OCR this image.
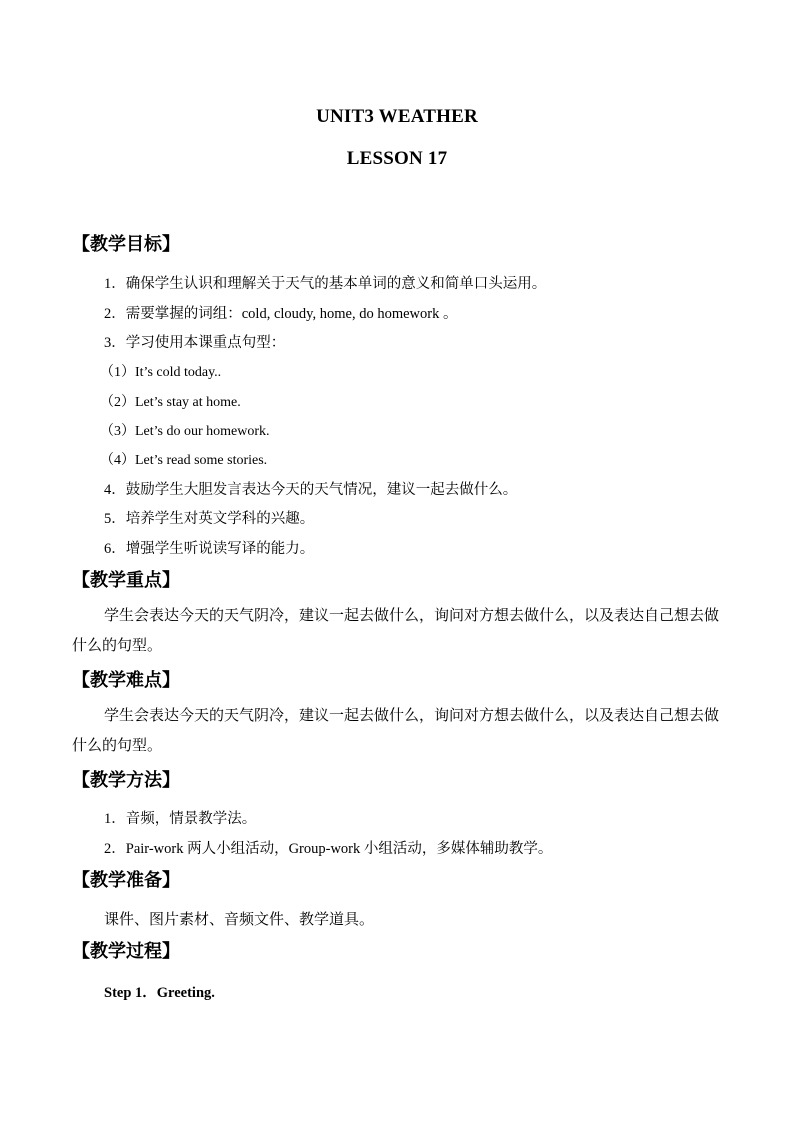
UNIT3 WEATHER
LESSON 17
【教学目标】
1．确保学生认识和理解关于天气的基本单词的意义和简单口头运用。
2．需要掌握的词组：cold, cloudy, home, do homework 。
3．学习使用本课重点句型：
（1）It’s cold today..
（2）Let’s stay at home.
（3）Let’s do our homework.
（4）Let’s read some stories.
4．鼓励学生大胆发言表达今天的天气情况，建议一起去做什么。
5．培养学生对英文学科的兴趣。
6．增强学生听说读写译的能力。
【教学重点】
学生会表达今天的天气阴冷，建议一起去做什么，询问对方想去做什么，以及表达自己想去做什么的句型。
【教学难点】
学生会表达今天的天气阴冷，建议一起去做什么，询问对方想去做什么，以及表达自己想去做什么的句型。
【教学方法】
1．音频，情景教学法。
2．Pair-work 两人小组活动，Group-work 小组活动，多媒体辅助教学。
【教学准备】
课件、图片素材、音频文件、教学道具。
【教学过程】
Step 1．Greeting.
